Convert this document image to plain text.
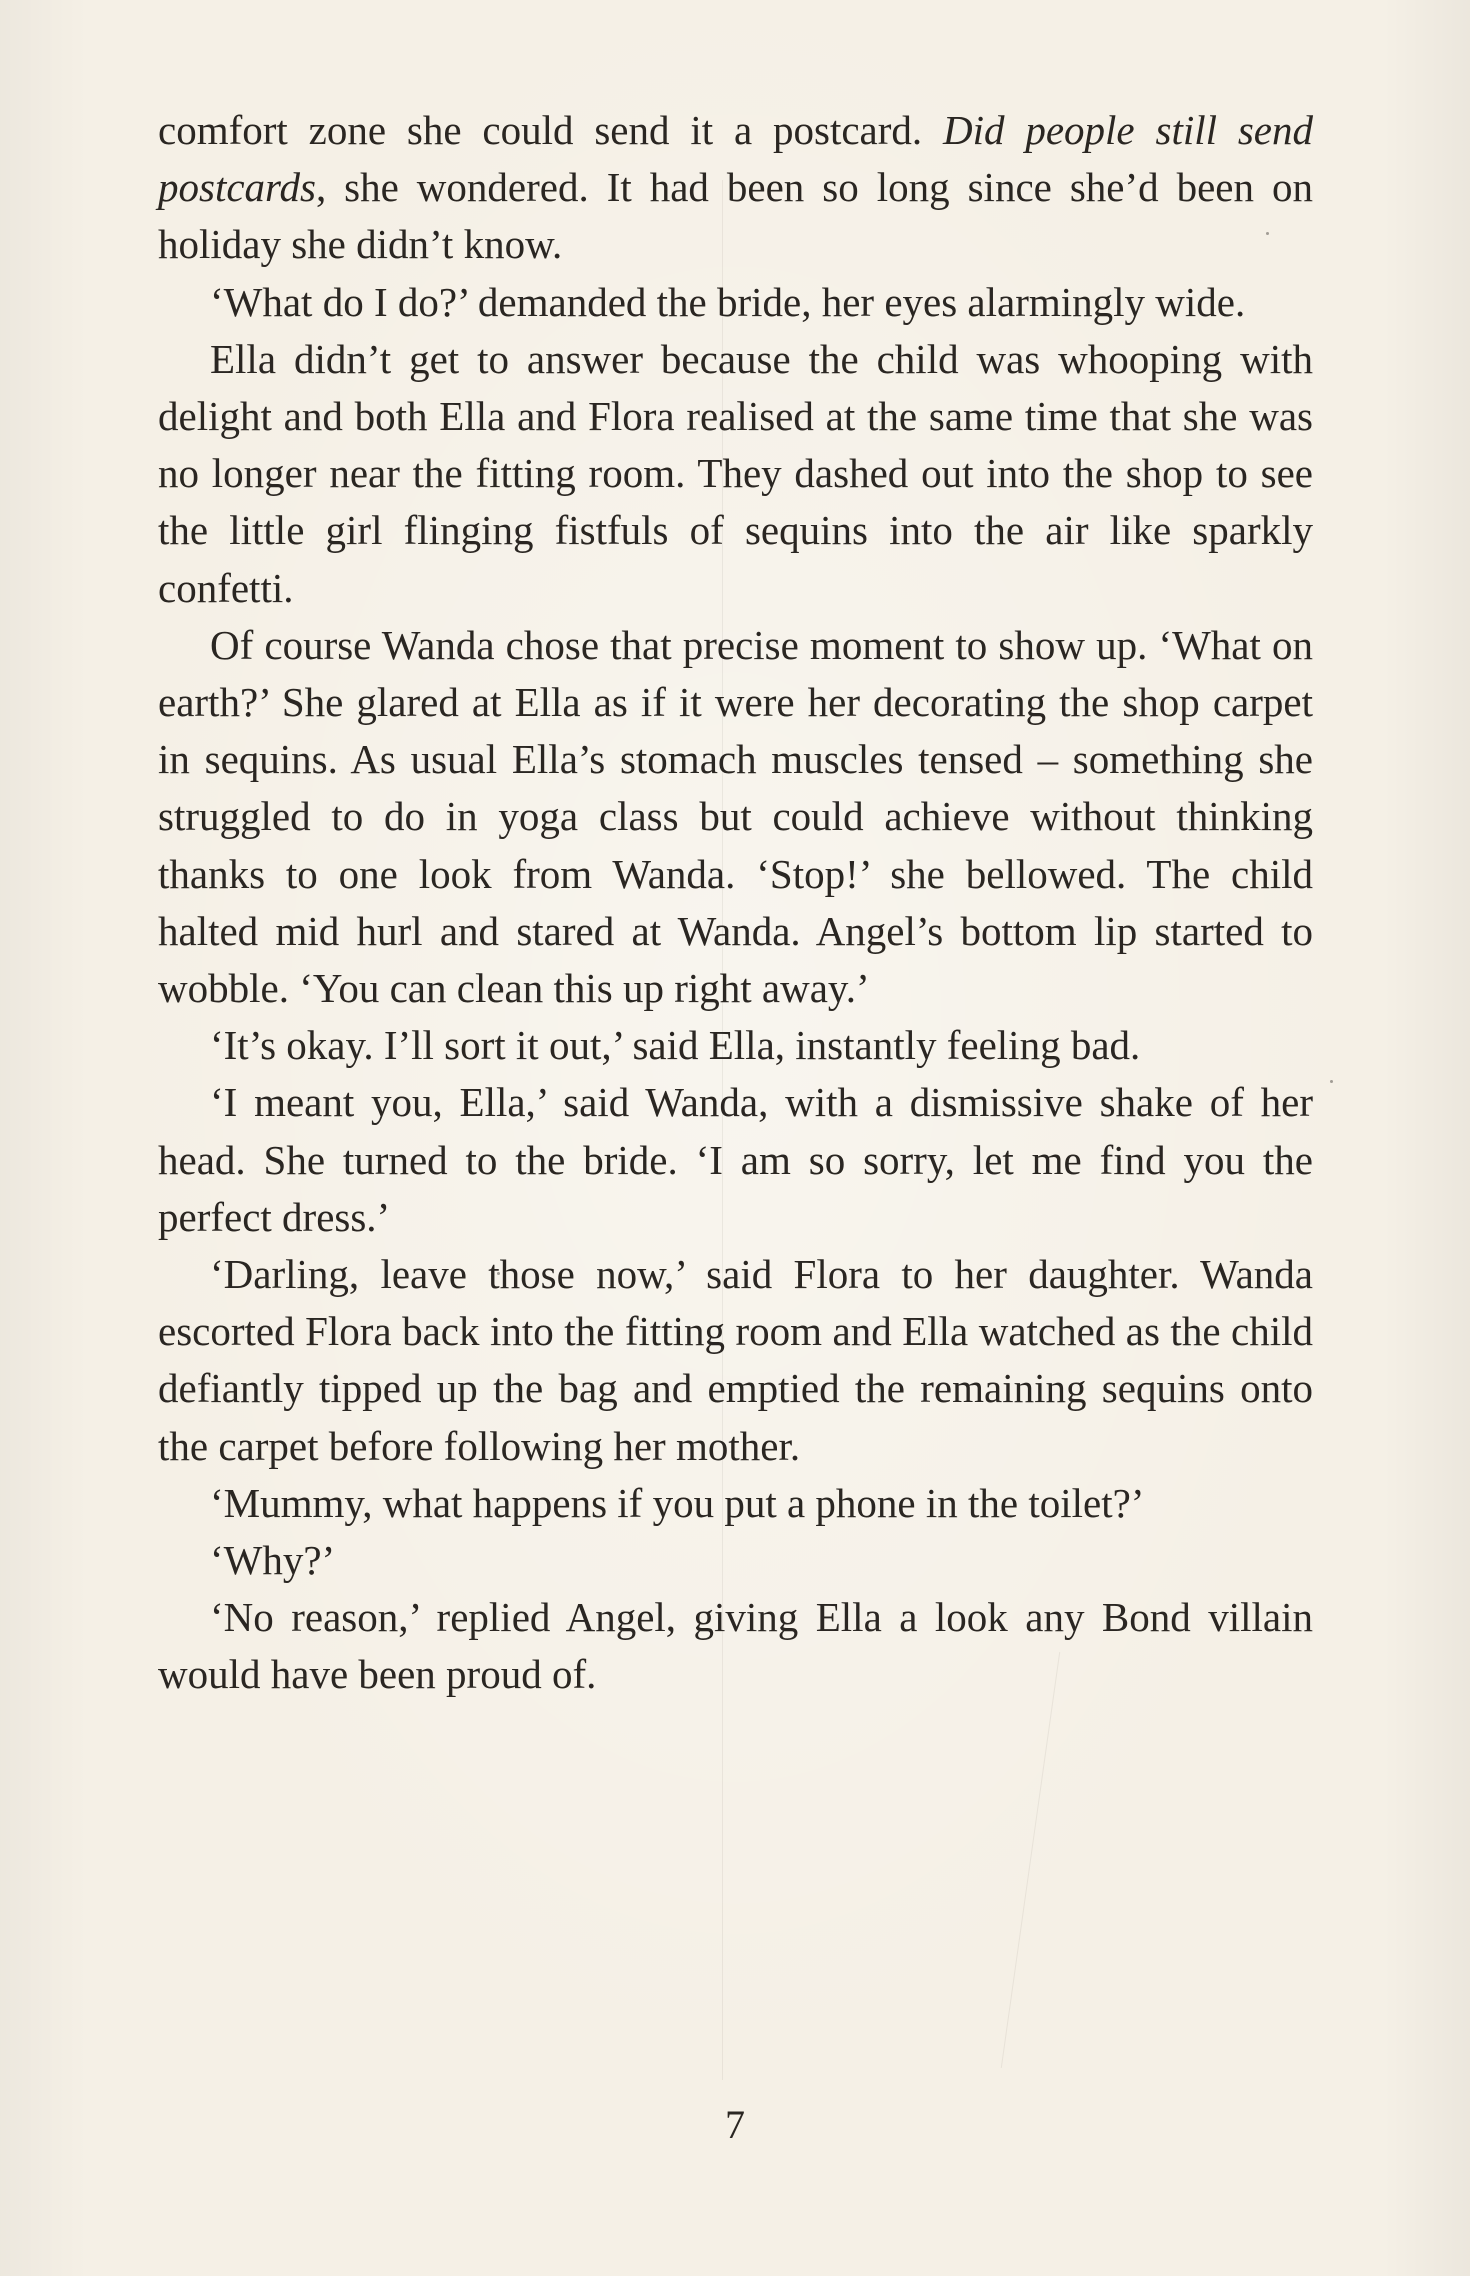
comfort zone she could send it a postcard. Did people still send postcards, she wondered. It had been so long since she’d been on holiday she didn’t know.

‘What do I do?’ demanded the bride, her eyes alarmingly wide.

Ella didn’t get to answer because the child was whooping with delight and both Ella and Flora realised at the same time that she was no longer near the fitting room. They dashed out into the shop to see the little girl flinging fistfuls of sequins into the air like sparkly confetti.

Of course Wanda chose that precise moment to show up. ‘What on earth?’ She glared at Ella as if it were her decorating the shop carpet in sequins. As usual Ella’s stomach muscles tensed – something she struggled to do in yoga class but could achieve without thinking thanks to one look from Wanda. ‘Stop!’ she bellowed. The child halted mid hurl and stared at Wanda. Angel’s bottom lip started to wobble. ‘You can clean this up right away.’

‘It’s okay. I’ll sort it out,’ said Ella, instantly feeling bad.

‘I meant you, Ella,’ said Wanda, with a dismissive shake of her head. She turned to the bride. ‘I am so sorry, let me find you the perfect dress.’

‘Darling, leave those now,’ said Flora to her daughter. Wanda escorted Flora back into the fitting room and Ella watched as the child defiantly tipped up the bag and emptied the remaining sequins onto the carpet before following her mother.

‘Mummy, what happens if you put a phone in the toilet?’

‘Why?’

‘No reason,’ replied Angel, giving Ella a look any Bond villain would have been proud of.

7
